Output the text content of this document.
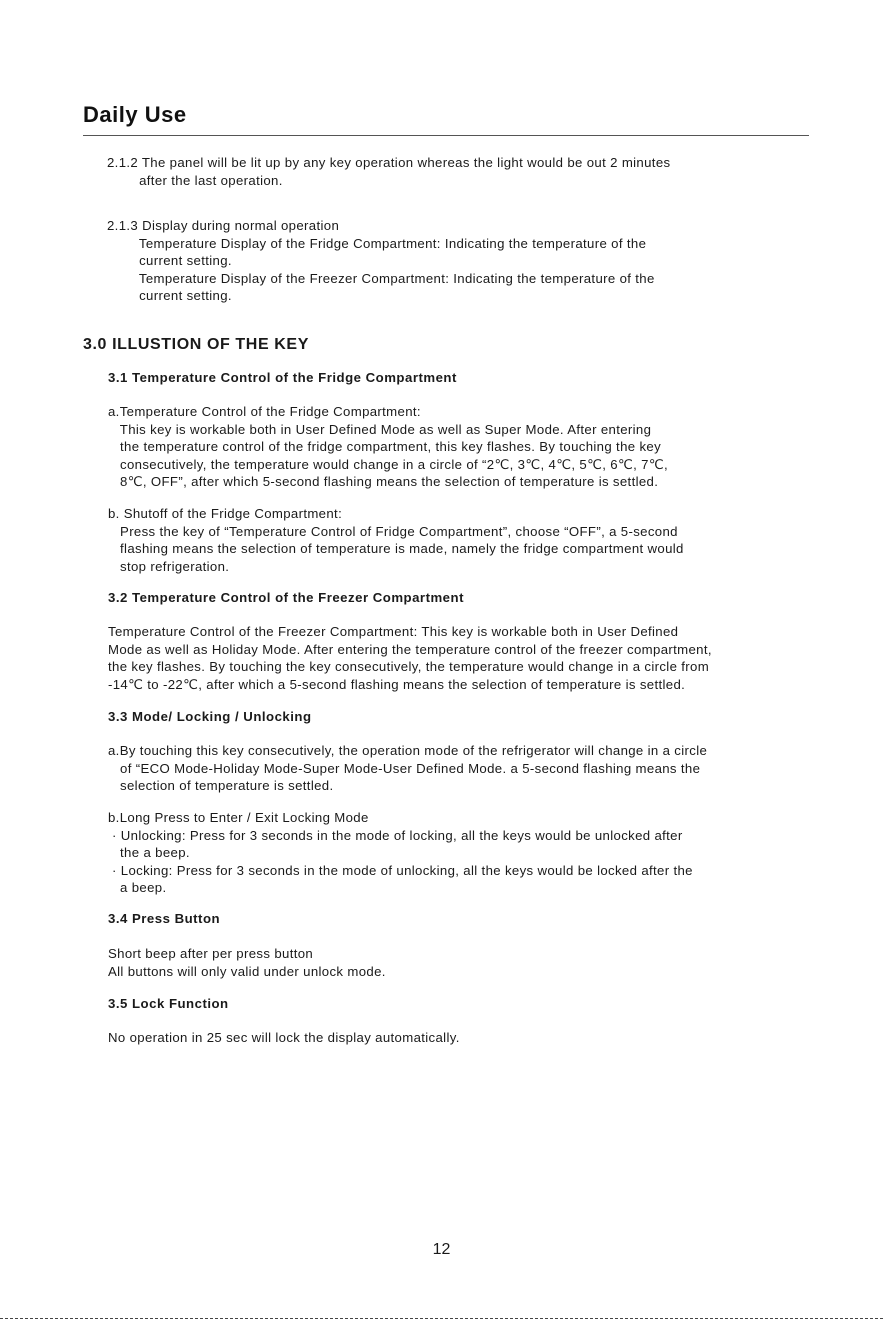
Daily Use

2.1.2 The panel will be lit up by any key operation whereas the light would be out 2 minutes
after the last operation.

2.1.3 Display during normal operation
Temperature Display of the Fridge Compartment: Indicating the temperature of the
current setting.
Temperature Display of the Freezer Compartment: Indicating the temperature of the
current setting.

3.0 ILLUSTION OF THE KEY

3.1 Temperature Control of the Fridge Compartment

a.Temperature Control of the Fridge Compartment:
This key is workable both in User Defined Mode as well as Super Mode. After entering
the temperature control of the fridge compartment, this key flashes. By touching the key
consecutively, the temperature would change in a circle of “2℃, 3℃, 4℃, 5℃, 6℃, 7℃,
8℃, OFF”, after which 5-second flashing means the selection of temperature is settled.

b. Shutoff of the Fridge Compartment:
Press the key of “Temperature Control of Fridge Compartment”, choose “OFF”, a 5-second
flashing means the selection of temperature is made, namely the fridge compartment would
stop refrigeration.

3.2 Temperature Control of the Freezer Compartment

Temperature Control of the Freezer Compartment: This key is workable both in User Defined
Mode as well as Holiday Mode. After entering the temperature control of the freezer compartment,
the key flashes. By touching the key consecutively, the temperature would change in a circle from
-14℃ to -22℃, after which a 5-second flashing means the selection of temperature is settled.

3.3 Mode/ Locking / Unlocking

a.By touching this key consecutively, the operation mode of the refrigerator will change in a circle
of “ECO Mode-Holiday Mode-Super Mode-User Defined Mode. a 5-second flashing means the
selection of temperature is settled.

b.Long Press to Enter / Exit Locking Mode
· Unlocking: Press for 3 seconds in the mode of locking, all the keys would be unlocked after
the a beep.
· Locking: Press for 3 seconds in the mode of unlocking, all the keys would be locked after the
a beep.

3.4 Press Button

Short beep after per press button
All buttons will only valid under unlock mode.

3.5 Lock Function

No operation in 25 sec will lock the display automatically.

12
